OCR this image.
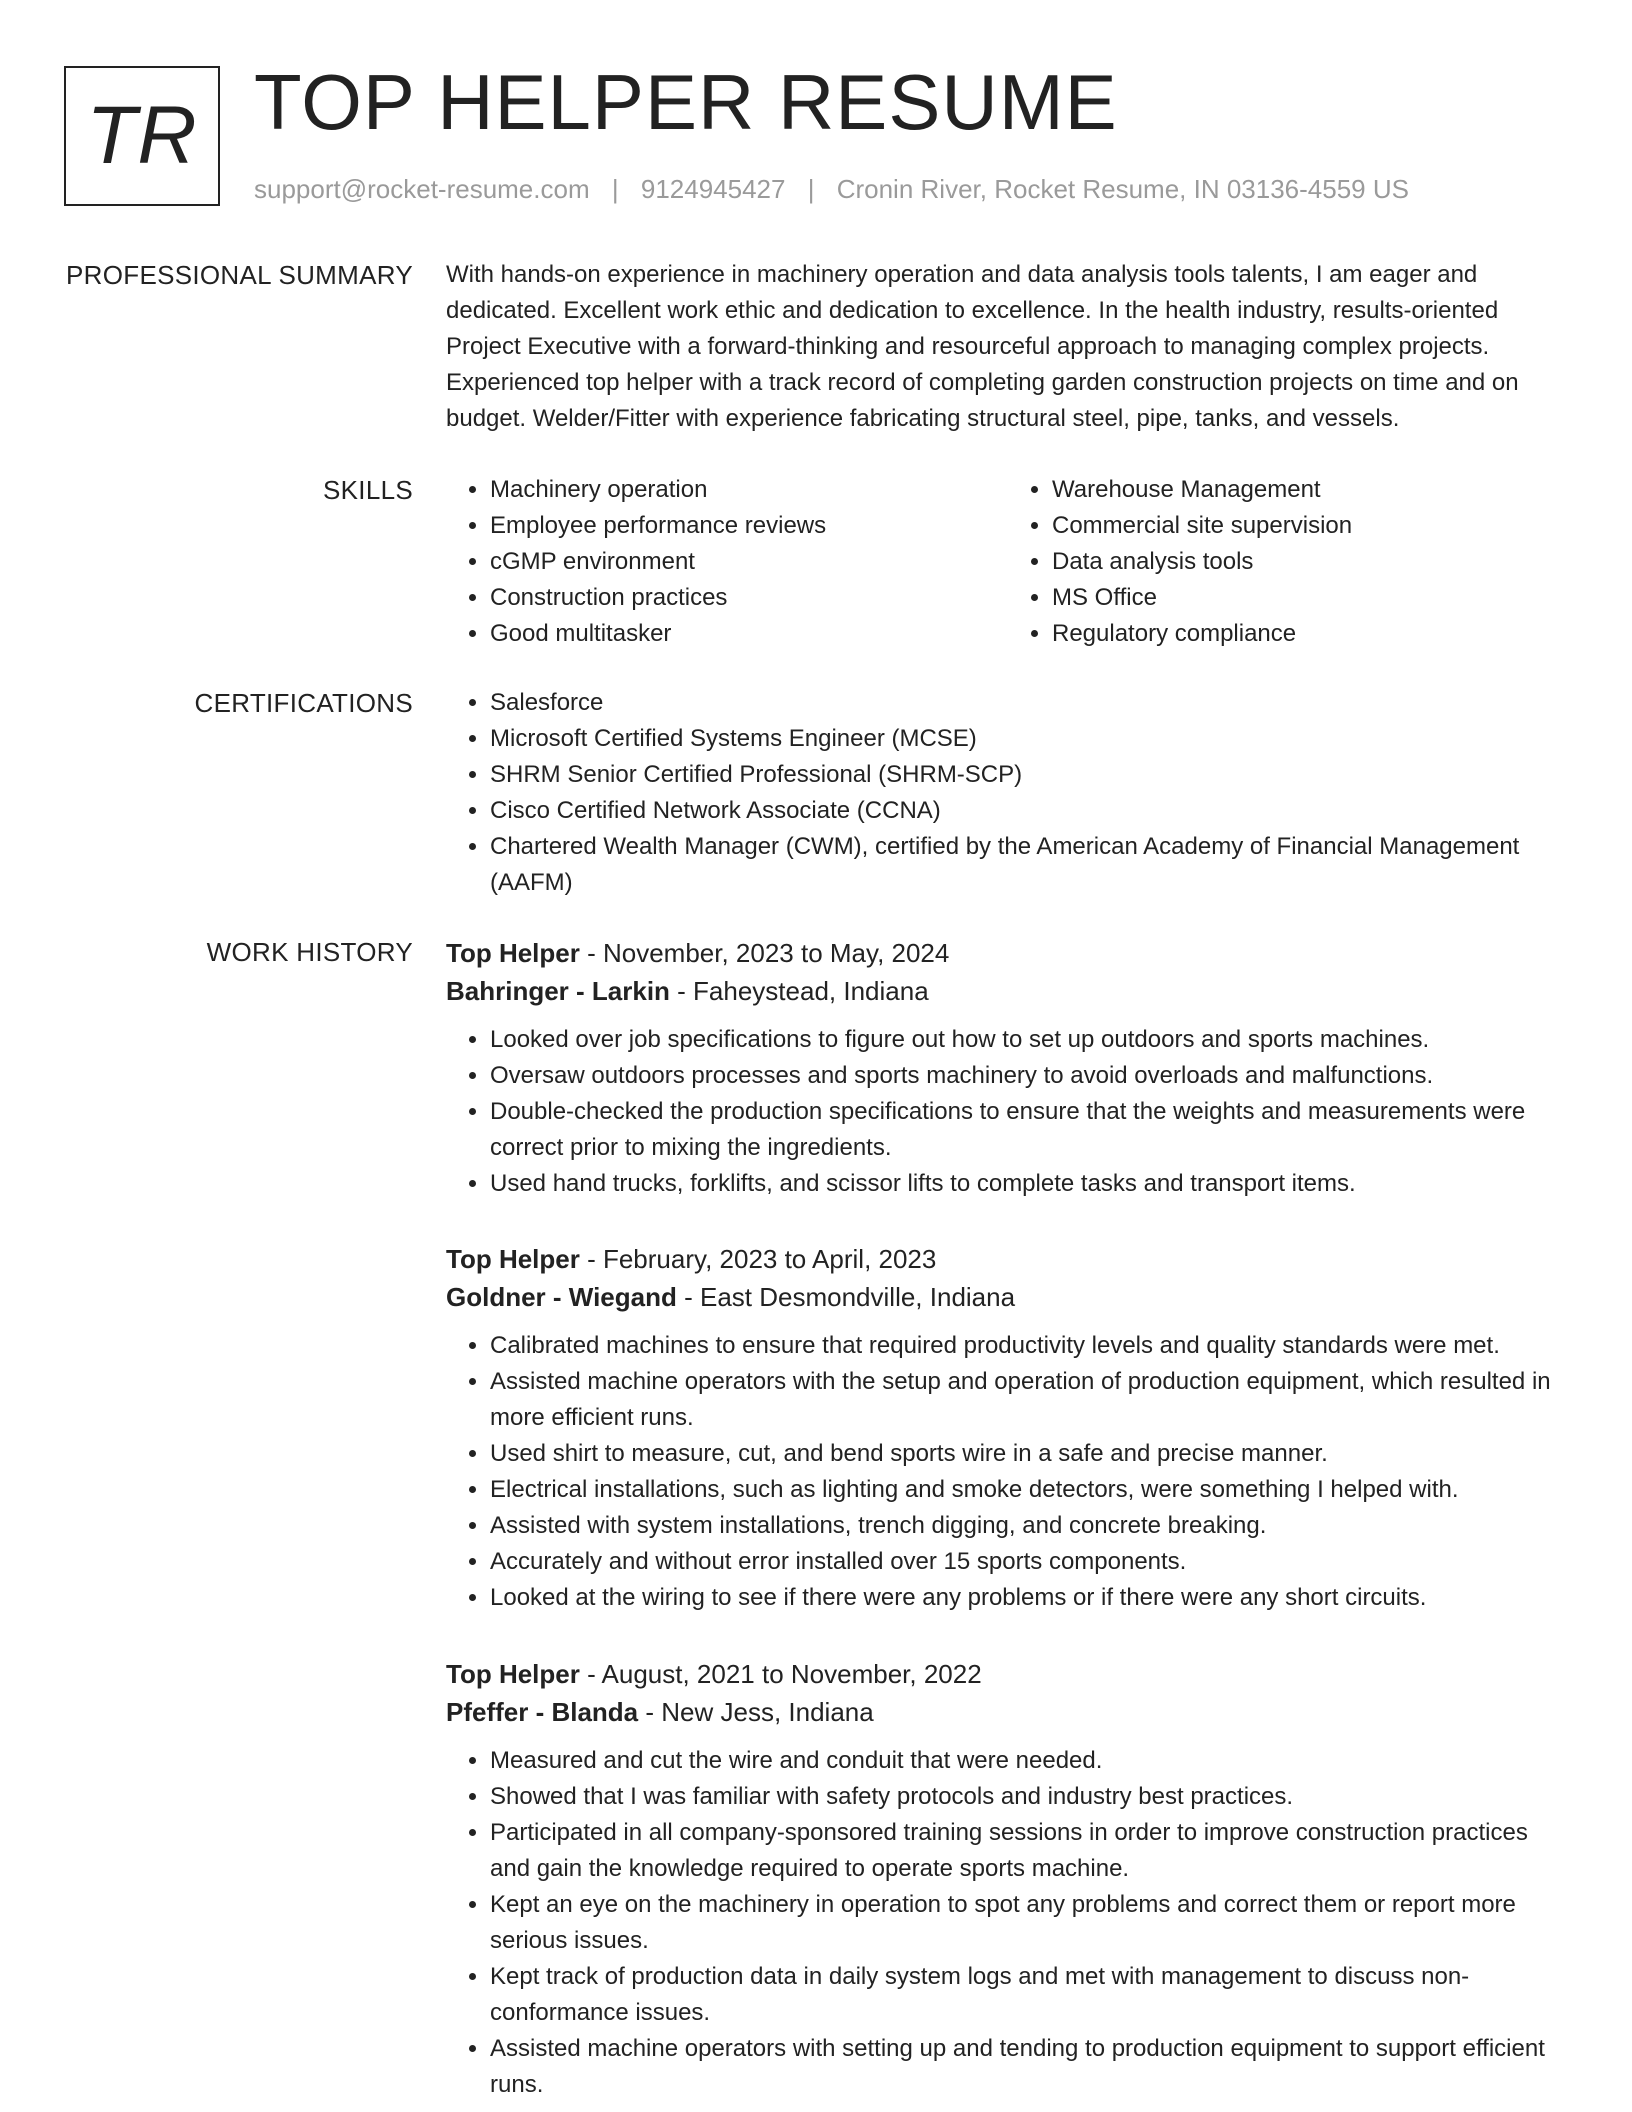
TR TOP HELPER RESUME
support@rocket-resume.com | 9124945427 | Cronin River, Rocket Resume, IN 03136-4559 US
PROFESSIONAL SUMMARY With hands-on experience in machinery operation and data analysis tools talents, I am eager and dedicated. Excellent work ethic and dedication to excellence. In the health industry, results-oriented Project Executive with a forward-thinking and resourceful approach to managing complex projects. Experienced top helper with a track record of completing garden construction projects on time and on budget. Welder/Fitter with experience fabricating structural steel, pipe, tanks, and vessels.

SKILLS	• Machinery operation
• Employee performance reviews
• cGMP environment
• Construction practices
• Good multitasker
• Warehouse Management
• Commercial site supervision
• Data analysis tools
• MS Office
• Regulatory compliance
CERTIFICATIONS	• Salesforce
• Microsoft Certified Systems Engineer (MCSE)
• SHRM Senior Certified Professional (SHRM-SCP)
• Cisco Certified Network Associate (CCNA)
• Chartered Wealth Manager (CWM), certified by the American Academy of Financial Management (AAFM)
WORK HISTORY Top Helper - November, 2023 to May, 2024
Bahringer - Larkin - Faheystead, Indiana
• Looked over job specifications to figure out how to set up outdoors and sports machines.
• Oversaw outdoors processes and sports machinery to avoid overloads and malfunctions.
• Double-checked the production specifications to ensure that the weights and measurements were correct prior to mixing the ingredients.
• Used hand trucks, forklifts, and scissor lifts to complete tasks and transport items.
Top Helper - February, 2023 to April, 2023
Goldner - Wiegand - East Desmondville, Indiana
• Calibrated machines to ensure that required productivity levels and quality standards were met.
• Assisted machine operators with the setup and operation of production equipment, which resulted in more efficient runs.
• Used shirt to measure, cut, and bend sports wire in a safe and precise manner.
• Electrical installations, such as lighting and smoke detectors, were something I helped with.
• Assisted with system installations, trench digging, and concrete breaking.
• Accurately and without error installed over 15 sports components.
• Looked at the wiring to see if there were any problems or if there were any short circuits.
Top Helper - August, 2021 to November, 2022
Pfeffer - Blanda - New Jess, Indiana
• Measured and cut the wire and conduit that were needed.
• Showed that I was familiar with safety protocols and industry best practices.
• Participated in all company-sponsored training sessions in order to improve construction practices and gain the knowledge required to operate sports machine.
• Kept an eye on the machinery in operation to spot any problems and correct them or report more serious issues.
• Kept track of production data in daily system logs and met with management to discuss non-conformance issues.
• Assisted machine operators with setting up and tending to production equipment to support efficient runs.
